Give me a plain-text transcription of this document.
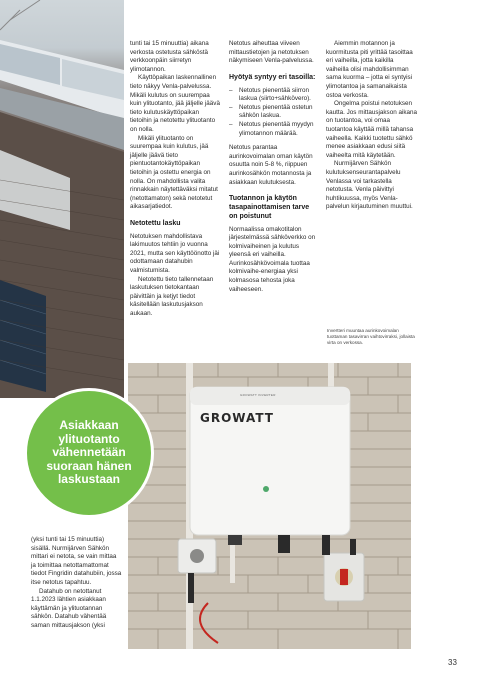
tunti tai 15 minuuttia) aikana verkosta ostetusta sähköstä verkkoonpäin siirretyn ylimotannon.

Käyttöpaikan laskennallinen tieto näkyy Venla-palvelussa. Mikäli kulutus on suurempaa kuin ylituotanto, jää jäljelle jäävä tieto kulutuskäyttöpaikan tietoihin ja netotettu ylituotanto on nolla.

Mikäli ylituotanto on suurempaa kuin kulutus, jää jäljelle jäävä tieto pientuotantokäyttöpaikan tietoihin ja ostettu energia on nolla. On mahdollista valita rinnakkain näytettäväksi mitatut (netottamaton) sekä netotetut aikasarjatiedot.

Netotettu lasku

Netotuksen mahdollistava lakimuutos tehtiin jo vuonna 2021, mutta sen käyttöönotto jäi odottamaan datahubin valmistumista.

Netotettu tieto tallennetaan laskutuksen tietokantaan päivittäin ja ketjyt tiedot käsitellään laskutusjakson aukaan.

Netotus aiheuttaa viiveen mittaustietojen ja netotuksen näkymiseen Venla-palvelussa.

Hyötyä syntyy eri tasoilla:
– Netotus pienentää siirron laskua (siirto+sähkövero).
– Netotus pienentää ostetun sähkön laskua.
– Netotus pienentää myydyn ylimotannon määrää.

Netotus parantaa aurinkovoimalan oman käytön osuutta noin 5-8 %, riippuen aurinkosähkön motannosta ja asiakkaan kulutuksesta.

Tuotannon ja käytön tasapainottamisen tarve on poistunut

Normaalissa omakotitalon järjestelmässä sähköverkko on kolmivaiheinen ja kulutus yleensä eri vaiheilla. Aurinkosähkövoimala tuottaa kolmivaihe-energiaa yksi kolmasosa tehosta joka vaiheeseen.

Aiemmin motannon ja kuormitusta piti yrittää tasoittaa eri vaiheilla, jotta kaikilla vaiheilla olisi mahdollisimman sama kuorma – jotta ei syntyisi ylimotantoa ja samanaikaista ostoa verkosta.

Ongelma poistui netotuksen kautta. Jos mittausjakson aikana on tuotantoa, voi omaa tuotantoa käyttää millä tahansa vaiheella. Kaikki tuotettu sähkö menee asiakkaan edusi siitä vaiheelta mitä käytetään.

Nurmijärven Sähkön kulutuksenseurantapalvelu Venlassa voi tarkastella netotusta. Venla päivittyi huhtikuussa, myös Venla-palvelun kirjautuminen muuttui.

Invertteri muuntaa aurinkovoimalan tuottaman tasavirran vaihtovirraksi, jollaista virta on verkossa.
GROWATT INVERTER
GROWATT
Asiakkaan ylituotanto vähennetään suoraan hänen laskustaan

(yksi tunti tai 15 minuuttia) sisällä. Nurmijärven Sähkön mittari ei netota, se vain mittaa ja toimittaa netottamattomat tiedot Fingridin datahubiin, jossa itse netotus tapahtuu.

Datahub on netottanut 1.1.2023 lähtien asiakkaan käyttämän ja ylituotannan sähkön. Datahub vähentää saman mittausjakson (yksi

33
